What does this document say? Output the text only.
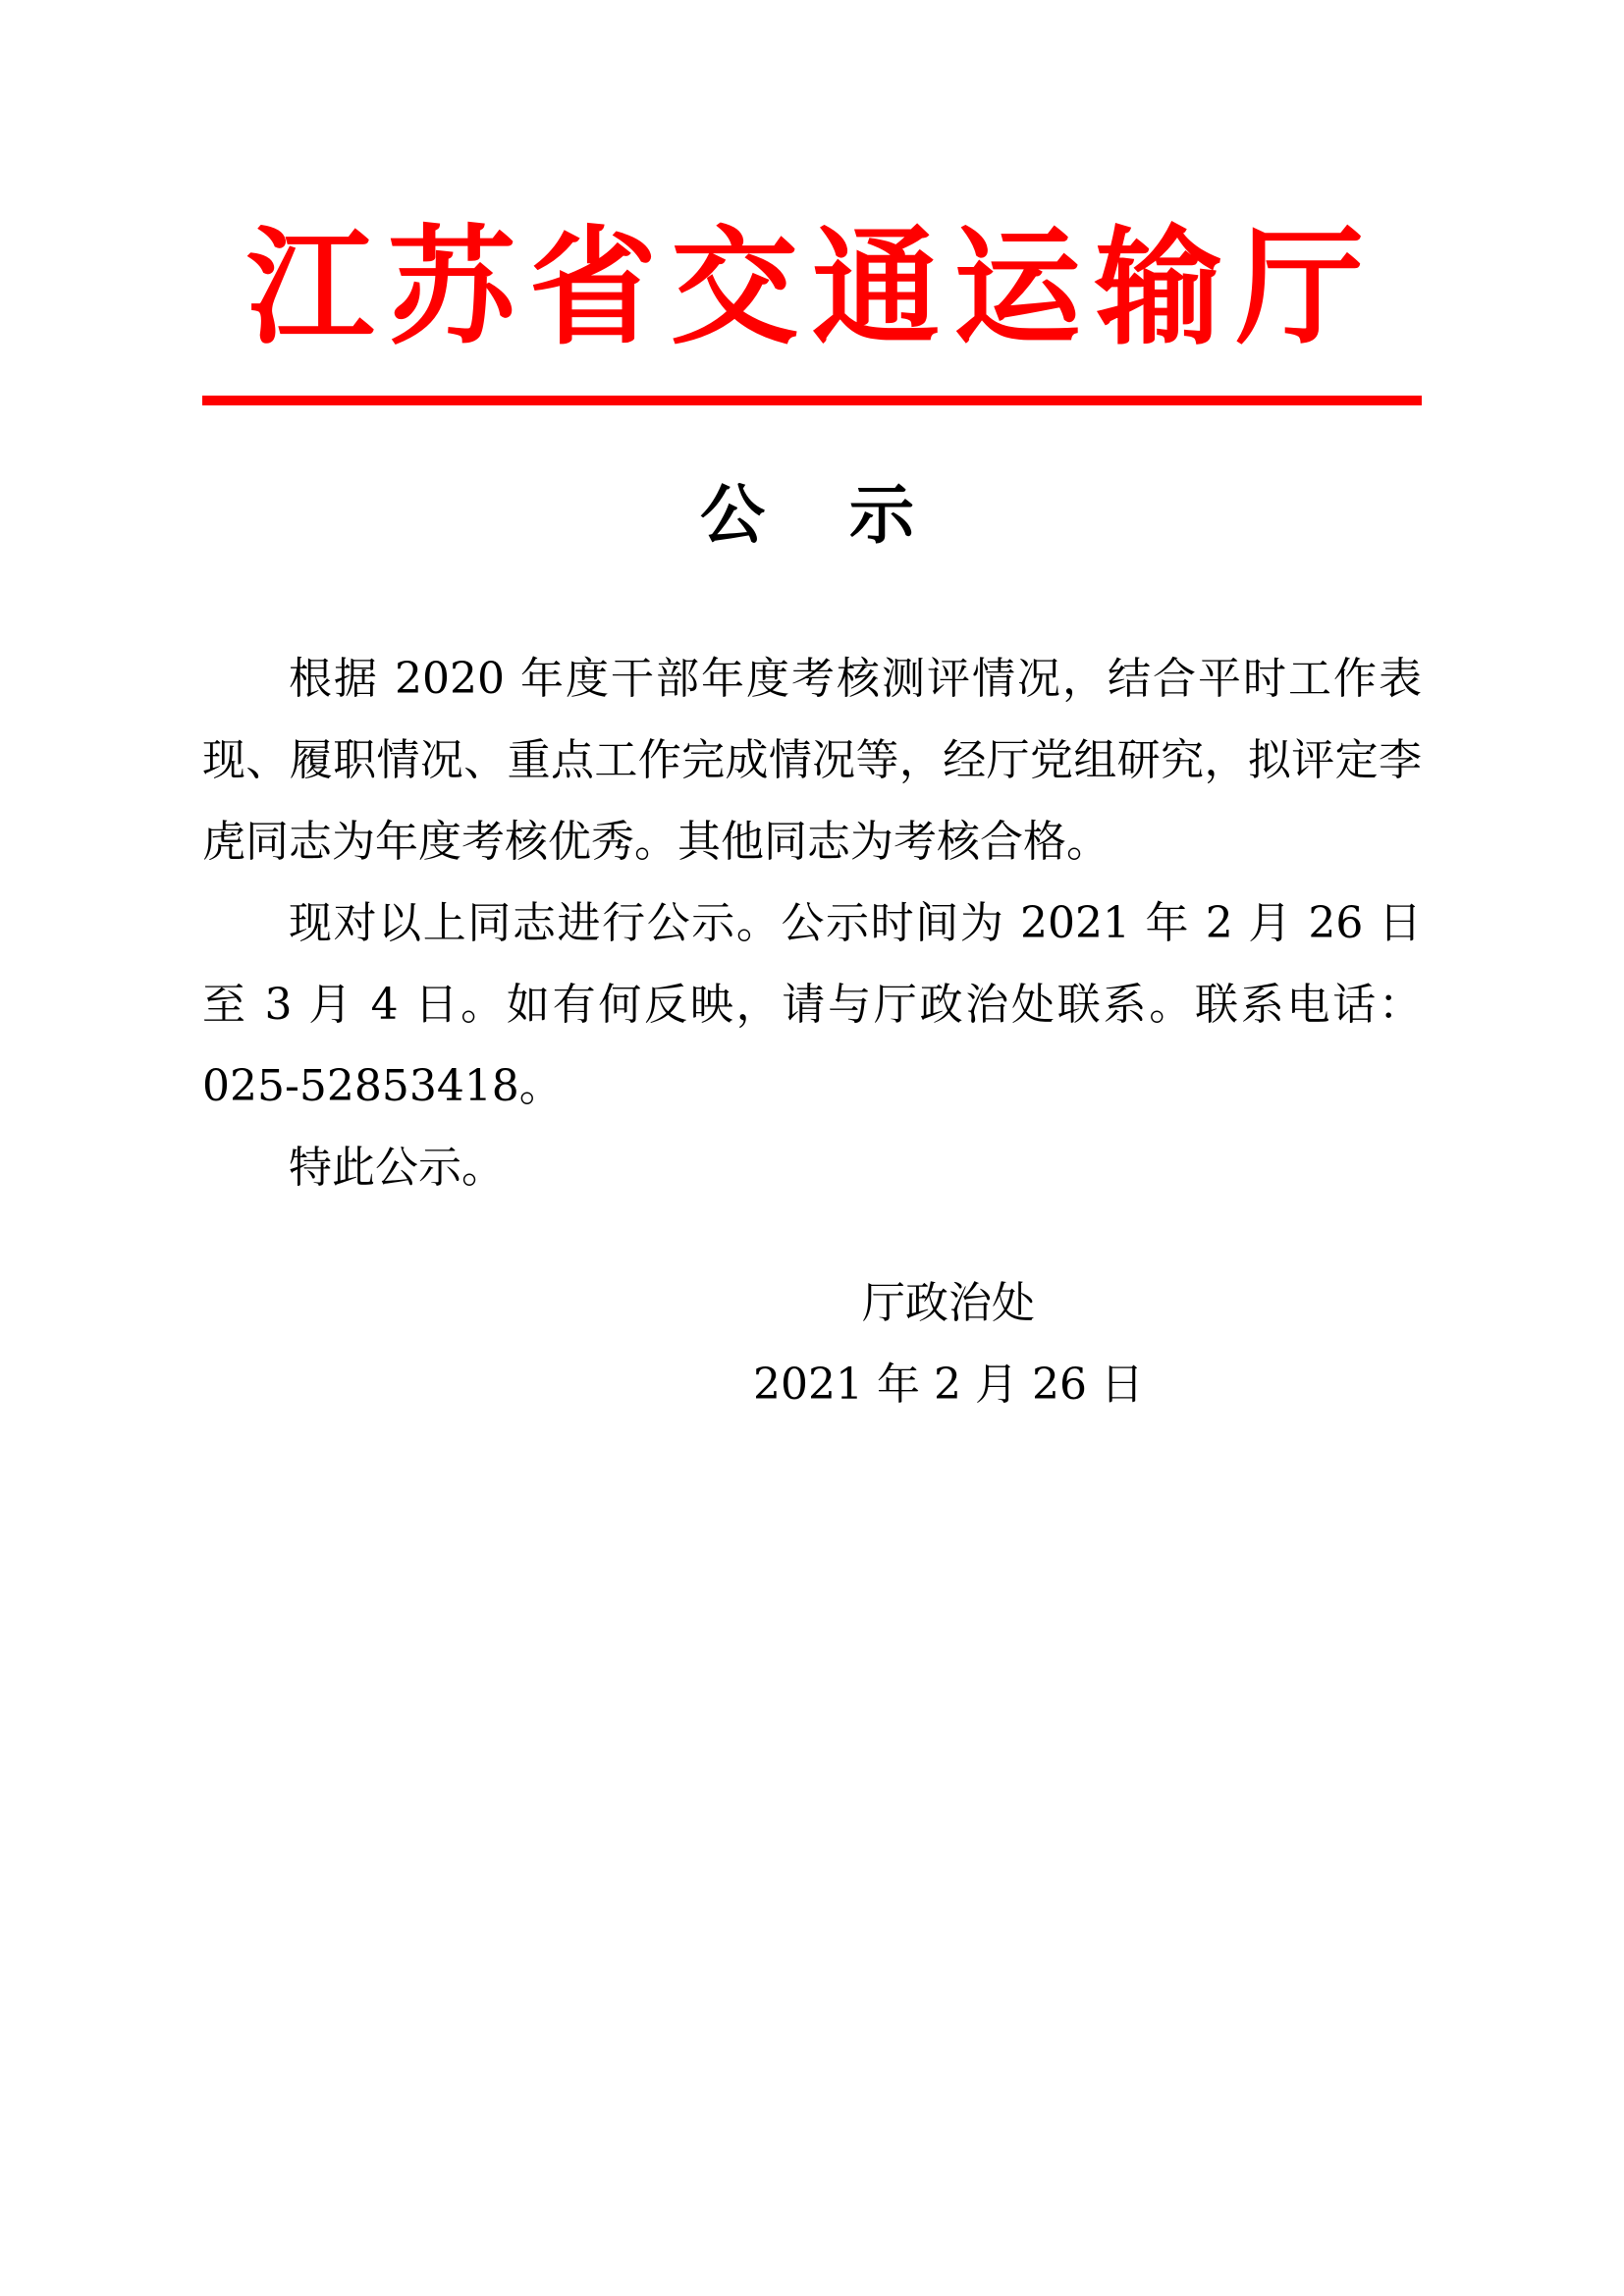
江苏省交通运输厅
公　示

根据 2020 年度干部年度考核测评情况，结合平时工作表现、履职情况、重点工作完成情况等，经厅党组研究，拟评定李虎同志为年度考核优秀。其他同志为考核合格。

现对以上同志进行公示。公示时间为 2021 年 2 月 26 日至 3 月 4 日。如有何反映，请与厅政治处联系。联系电话：025-52853418。

特此公示。

厅政治处
2021 年 2 月 26 日
